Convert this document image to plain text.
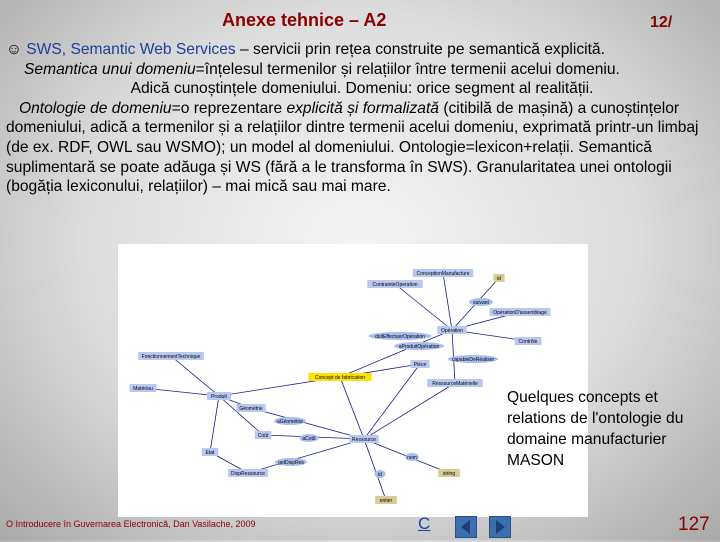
Anexe tehnice – A2	12/

☺ SWS, Semantic Web Services – servicii prin rețea construite pe semantică explicită.

Semantica unui domeniu=înțelesul termenilor și relațiilor între termenii acelui domeniu.

Adică cunoștințele domeniului. Domeniu: orice segment al realității.

Ontologie de domeniu=o reprezentare explicită și formalizată (citibilă de mașină) a cunoștințelor domeniului, adică a termenilor și a relațiilor dintre termenii acelui domeniu, exprimată printr-un limbaj (de ex. RDF, OWL sau WSMO); un model al domeniului. Ontologie=lexicon+relații. Semantică suplimentară se poate adăuga și WS (fără a le transforma în SWS). Granularitatea unei ontologii (bogăția lexiconului, relațiilor) – mai mică sau mai mare.

ConceptionManufacture
ContrainteOperation
id
suivant
OpérationD'assemblage
Opération
doitEffectuerOpération
aProduitOpération
Contrôle
FonctionnementTechnique
Pièce
capableDeRéaliser
Concept de fabrication
RessourceMatérielle
Matériau
Produit
Géométrie
aGéométrie
Coût	aCoût	Ressource
Etat
getDispRes
nom
DispRessource	string
id
entier
Quelques concepts et relations de l'ontologie du domaine manufacturier MASON
O Introducere în Guvernarea Electronică, Dan Vasilache, 2009	C	127
